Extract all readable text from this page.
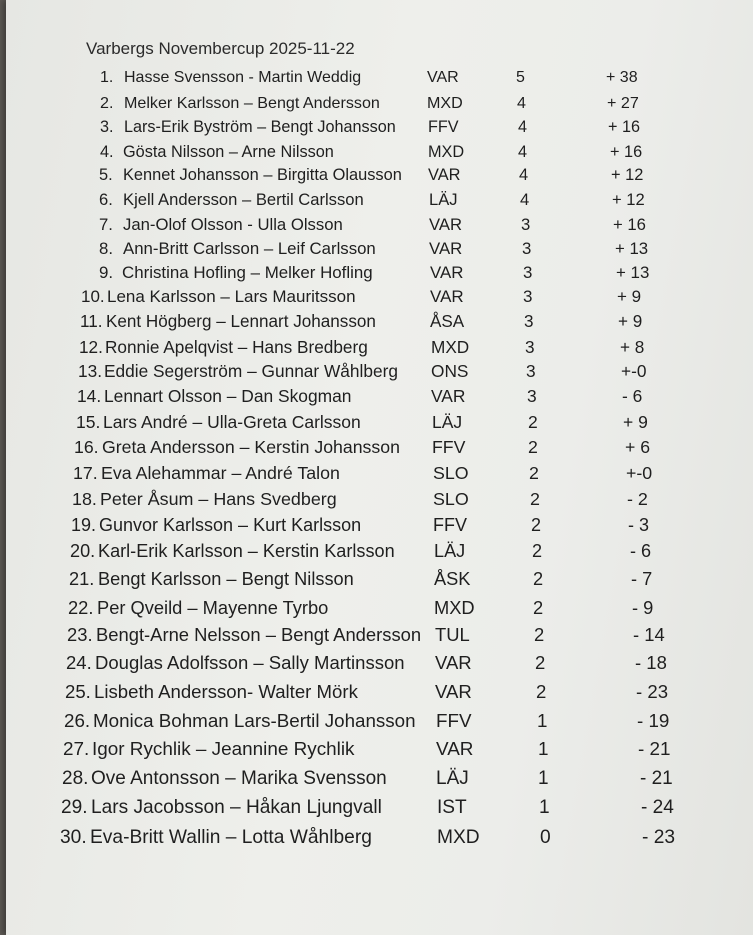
Varbergs Novembercup 2025-11-22
1. Hasse Svensson - Martin Weddig	VAR	5	+ 38
2. Melker Karlsson – Bengt Andersson	MXD	4	+ 27
3. Lars-Erik Byström – Bengt Johansson FFV	4	+ 16
4. Gösta Nilsson – Arne Nilsson	MXD	4	+ 16
5. Kennet Johansson – Birgitta Olausson VAR	4	+ 12
6. Kjell Andersson – Bertil Carlsson	LÄJ	4	+ 12
7. Jan-Olof Olsson - Ulla Olsson	VAR	3	+ 16
8. Ann-Britt Carlsson – Leif Carlsson	VAR	3	+ 13
9. Christina Hofling – Melker Hofling	VAR	3	+ 13
10. Lena Karlsson – Lars Mauritsson	VAR	3	+ 9
11. Kent Högberg – Lennart Johansson	ÅSA	3	+ 9
12. Ronnie Apelqvist – Hans Bredberg	MXD	3	+ 8
13. Eddie Segerström – Gunnar Wåhlberg ONS	3	+-0
14. Lennart Olsson – Dan Skogman	VAR	3	- 6
15. Lars André – Ulla-Greta Carlsson	LÄJ	2	+ 9
16. Greta Andersson – Kerstin Johansson FFV	2	+ 6
17. Eva Alehammar – André Talon	SLO	2	+-0
18. Peter Åsum – Hans Svedberg	SLO	2	- 2
19. Gunvor Karlsson – Kurt Karlsson	FFV	2	- 3
20. Karl-Erik Karlsson – Kerstin Karlsson LÄJ	2	- 6
21. Bengt Karlsson – Bengt Nilsson	ÅSK	2	- 7
22. Per Qveild – Mayenne Tyrbo	MXD	2	- 9
23. Bengt-Arne Nelsson – Bengt Andersson TUL	2	- 14
24. Douglas Adolfsson – Sally Martinsson VAR	2	- 18
25. Lisbeth Andersson- Walter Mörk	VAR	2	- 23
26. Monica Bohman Lars-Bertil Johansson FFV	1	- 19
27. Igor Rychlik – Jeannine Rychlik	VAR	1	- 21
28. Ove Antonsson – Marika Svensson	LÄJ	1	- 21
29. Lars Jacobsson – Håkan Ljungvall	IST	1	- 24
30. Eva-Britt Wallin – Lotta Wåhlberg	MXD	0	- 23
